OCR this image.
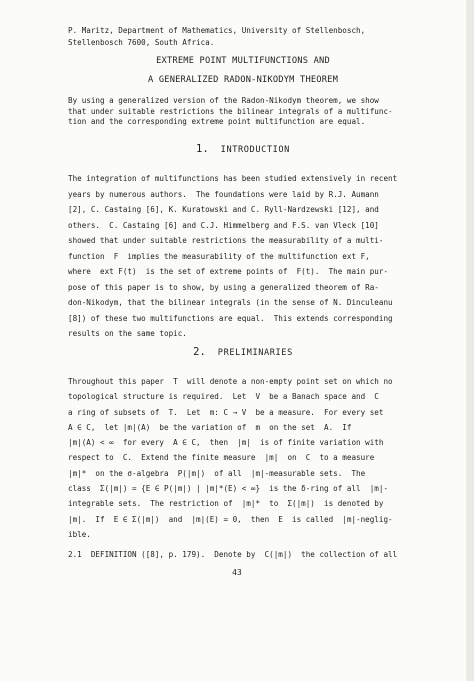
P. Maritz, Department of Mathematics, University of Stellenbosch,
Stellenbosch 7600, South Africa.
EXTREME POINT MULTIFUNCTIONS AND
A GENERALIZED RADON-NIKODYM THEOREM
By using a generalized version of the Radon-Nikodym theorem, we show
that under suitable restrictions the bilinear integrals of a multifunc-
tion and the corresponding extreme point multifunction are equal.
1. INTRODUCTION
The integration of multifunctions has been studied extensively in recent
years by numerous authors.  The foundations were laid by R.J. Aumann
[2], C. Castaing [6], K. Kuratowski and C. Ryll-Nardzewski [12], and
others.  C. Castaing [6] and C.J. Himmelberg and F.S. van Vleck [10]
showed that under suitable restrictions the measurability of a multi-
function  F  implies the measurability of the multifunction ext F,
where  ext F(t)  is the set of extreme points of  F(t).  The main pur-
pose of this paper is to show, by using a generalized theorem of Ra-
don-Nikodym, that the bilinear integrals (in the sense of N. Dinculeanu
[8]) of these two multifunctions are equal.  This extends corresponding
results on the same topic.
2. PRELIMINARIES
Throughout this paper  T  will denote a non-empty point set on which no
topological structure is required.  Let  V  be a Banach space and  C
a ring of subsets of  T.  Let  m: C → V  be a measure.  For every set
A ∈ C,  let |m|(A)  be the variation of  m  on the set  A.  If
|m|(A) < ∞  for every  A ∈ C,  then  |m|  is of finite variation with
respect to  C.  Extend the finite measure  |m|  on  C  to a measure
|m|*  on the σ-algebra  P(|m|)  of all  |m|-measurable sets.  The
class  Σ(|m|) = {E ∈ P(|m|) | |m|*(E) < ∞}  is the δ-ring of all  |m|-
integrable sets.  The restriction of  |m|*  to  Σ(|m|)  is denoted by
|m|.  If  E ∈ Σ(|m|)  and  |m|(E) = 0,  then  E  is called  |m|-neglig-
ible.
2.1  DEFINITION ([8], p. 179).  Denote by  C(|m|)  the collection of all
43
